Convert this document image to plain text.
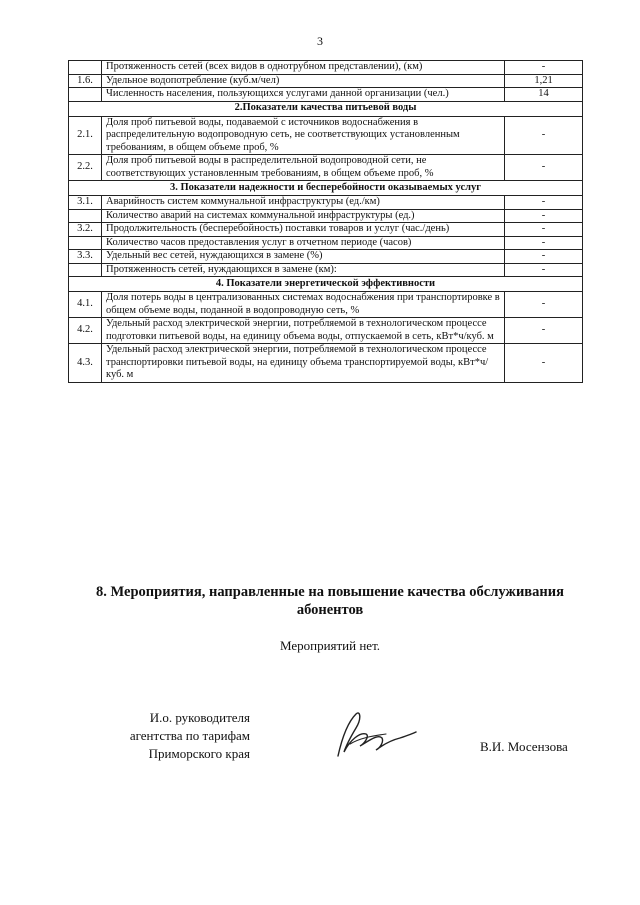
3
	Протяженность сетей (всех видов в однотрубном представлении), (км)	-
1.6.	Удельное водопотребление (куб.м/чел)	1,21
	Численность населения, пользующихся услугами данной организации (чел.)	14
2.Показатели качества питьевой воды		
2.1.	Доля проб питьевой воды, подаваемой с источников водоснабжения в распределительную водопроводную сеть, не соответствующих установленным требованиям, в общем объеме проб, %	-
2.2.	Доля проб питьевой воды в распределительной водопроводной сети, не соответствующих установленным требованиям, в общем объеме проб, %	-
3. Показатели надежности и бесперебойности оказываемых услуг		
3.1.	Аварийность систем коммунальной инфраструктуры (ед./км)	-
	Количество аварий на системах коммунальной инфраструктуры (ед.)	-
3.2.	Продолжительность (бесперебойность) поставки товаров и услуг (час./день)	-
	Количество часов предоставления услуг в отчетном периоде (часов)	-
3.3.	Удельный вес сетей, нуждающихся в замене (%)	-
	Протяженность сетей, нуждающихся в замене (км):	-
4. Показатели энергетической эффективности		
4.1.	Доля потерь воды в централизованных системах водоснабжения при транспортировке в общем объеме воды, поданной в водопроводную сеть, %	-
4.2.	Удельный расход электрической энергии, потребляемой в технологическом процессе подготовки питьевой воды, на единицу объема воды, отпускаемой в сеть, кВт*ч/куб. м	-
4.3.	Удельный расход электрической энергии, потребляемой в технологическом процессе транспортировки питьевой воды, на единицу объема транспортируемой воды, кВт*ч/куб. м	-
8. Мероприятия, направленные на повышение качества обслуживания
абонентов
Мероприятий нет.
И.о. руководителя
агентства по тарифам
Приморского края	В.И. Мосензова
